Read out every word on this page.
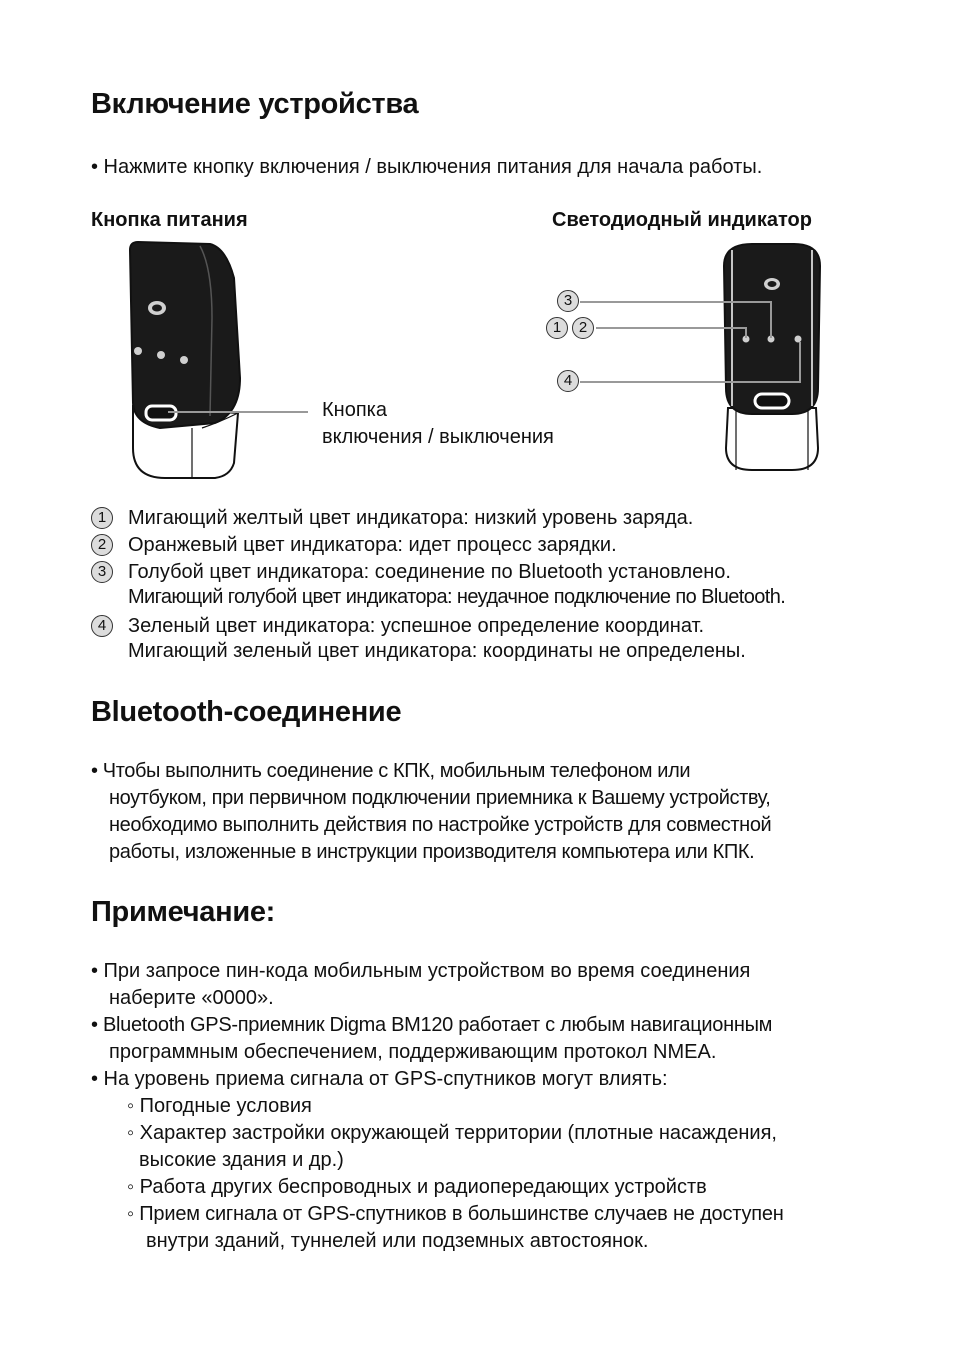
Включение устройства
• Нажмите кнопку включения / выключения питания для начала работы.
Кнопка питания	Светодиодный индикатор
Кнопка
включения / выключения
3
1	2
4
1	Мигающий желтый цвет индикатора: низкий уровень заряда.
2	Оранжевый цвет индикатора: идет процесс зарядки.
3	Голубой цвет индикатора: соединение по Bluetooth установлено.
Мигающий голубой цвет индикатора: неудачное подключение по Bluetooth.
4	Зеленый цвет индикатора: успешное определение координат.
Мигающий зеленый цвет индикатора: координаты не определены.
Bluetooth-соединение
• Чтобы выполнить соединение с КПК, мобильным телефоном или
ноутбуком, при первичном подключении приемника к Вашему устройству,
необходимо выполнить действия по настройке устройств для совместной
работы, изложенные в инструкции производителя компьютера или КПК.
Примечание:
• При запросе пин-кода мобильным устройством во время соединения
наберите «0000».
• Bluetooth GPS-приемник Digma BM120 работает с любым навигационным
программным обеспечением, поддерживающим протокол NMEA.
• На уровень приема сигнала от GPS-спутников могут влиять:
◦ Погодные условия
◦ Характер застройки окружающей территории (плотные насаждения,
высокие здания и др.)
◦ Работа других беспроводных и радиопередающих устройств
◦ Прием сигнала от GPS-спутников в большинстве случаев не доступен
внутри зданий, туннелей или подземных автостоянок.
